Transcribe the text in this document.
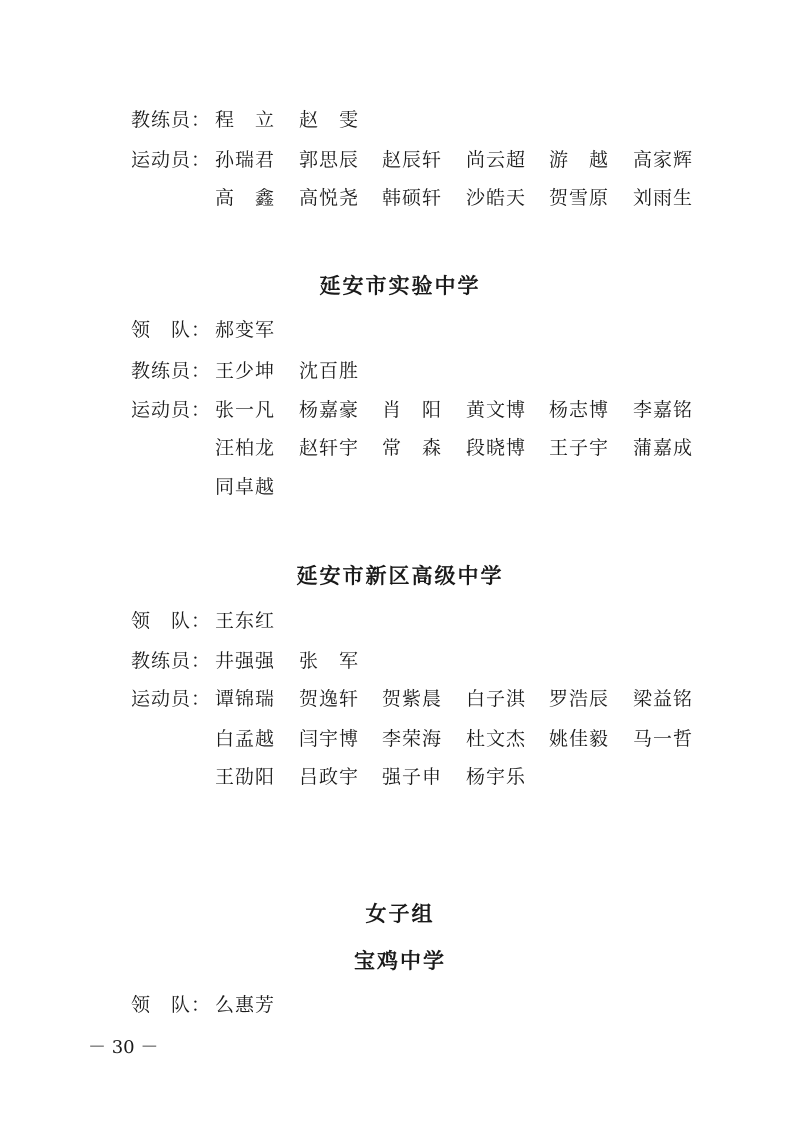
教练员： 程　立	赵　雯
运动员： 孙瑞君	郭思辰	赵辰轩	尚云超	游　越	高家辉
高　鑫	高悦尧	韩硕轩	沙皓天	贺雪原	刘雨生
延安市实验中学
领　队： 郝变军
教练员： 王少坤	沈百胜
运动员： 张一凡	杨嘉豪	肖　阳	黄文博	杨志博	李嘉铭
汪柏龙	赵轩宇	常　森	段晓博	王子宇	蒲嘉成
同卓越
延安市新区高级中学
领　队： 王东红
教练员： 井强强	张　军
运动员： 谭锦瑞	贺逸轩	贺紫晨	白子淇	罗浩辰	梁益铭
白孟越	闫宇博	李荣海	杜文杰	姚佳毅	马一哲
王劭阳	吕政宇	强子申	杨宇乐
女子组
宝鸡中学
领　队： 么惠芳
－ 30 －
